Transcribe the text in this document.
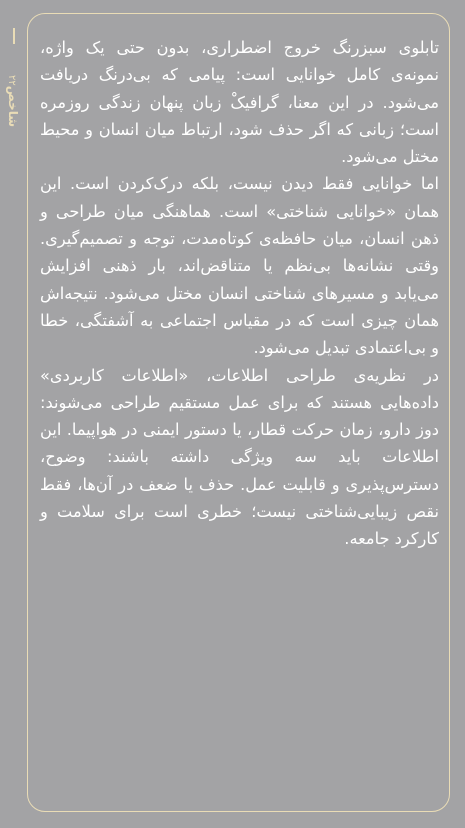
شاخص۲۲

تابلوی سبزرنگ خروج اضطراری، بدون حتی یک واژه، نمونه‌ی کامل خوانایی است: پیامی که بی‌درنگ دریافت می‌شود. در این معنا، گرافیکْ زبان پنهان زندگی روزمره است؛ زبانی که اگر حذف شود، ارتباط میان انسان و محیط مختل می‌شود.

اما خوانایی فقط دیدن نیست، بلکه درک‌کردن است. این همان «خوانایی شناختی» است. هماهنگی میان طراحی و ذهن انسان، میان حافظه‌ی کوتاه‌مدت، توجه و تصمیم‌گیری. وقتی نشانه‌ها بی‌نظم یا متناقض‌اند، بار ذهنی افزایش می‌یابد و مسیرهای شناختی انسان مختل می‌شود. نتیجه‌اش همان چیزی است که در مقیاس اجتماعی به آشفتگی، خطا و بی‌اعتمادی تبدیل می‌شود.

در نظریه‌ی طراحی اطلاعات، «اطلاعات کاربردی» داده‌هایی هستند که برای عمل مستقیم طراحی می‌شوند: دوز دارو، زمان حرکت قطار، یا دستور ایمنی در هواپیما. این اطلاعات باید سه ویژگی داشته باشند: وضوح، دسترس‌پذیری و قابلیت عمل. حذف یا ضعف در آن‌ها، فقط نقص زیبایی‌شناختی نیست؛ خطری است برای سلامت و کارکرد جامعه.
